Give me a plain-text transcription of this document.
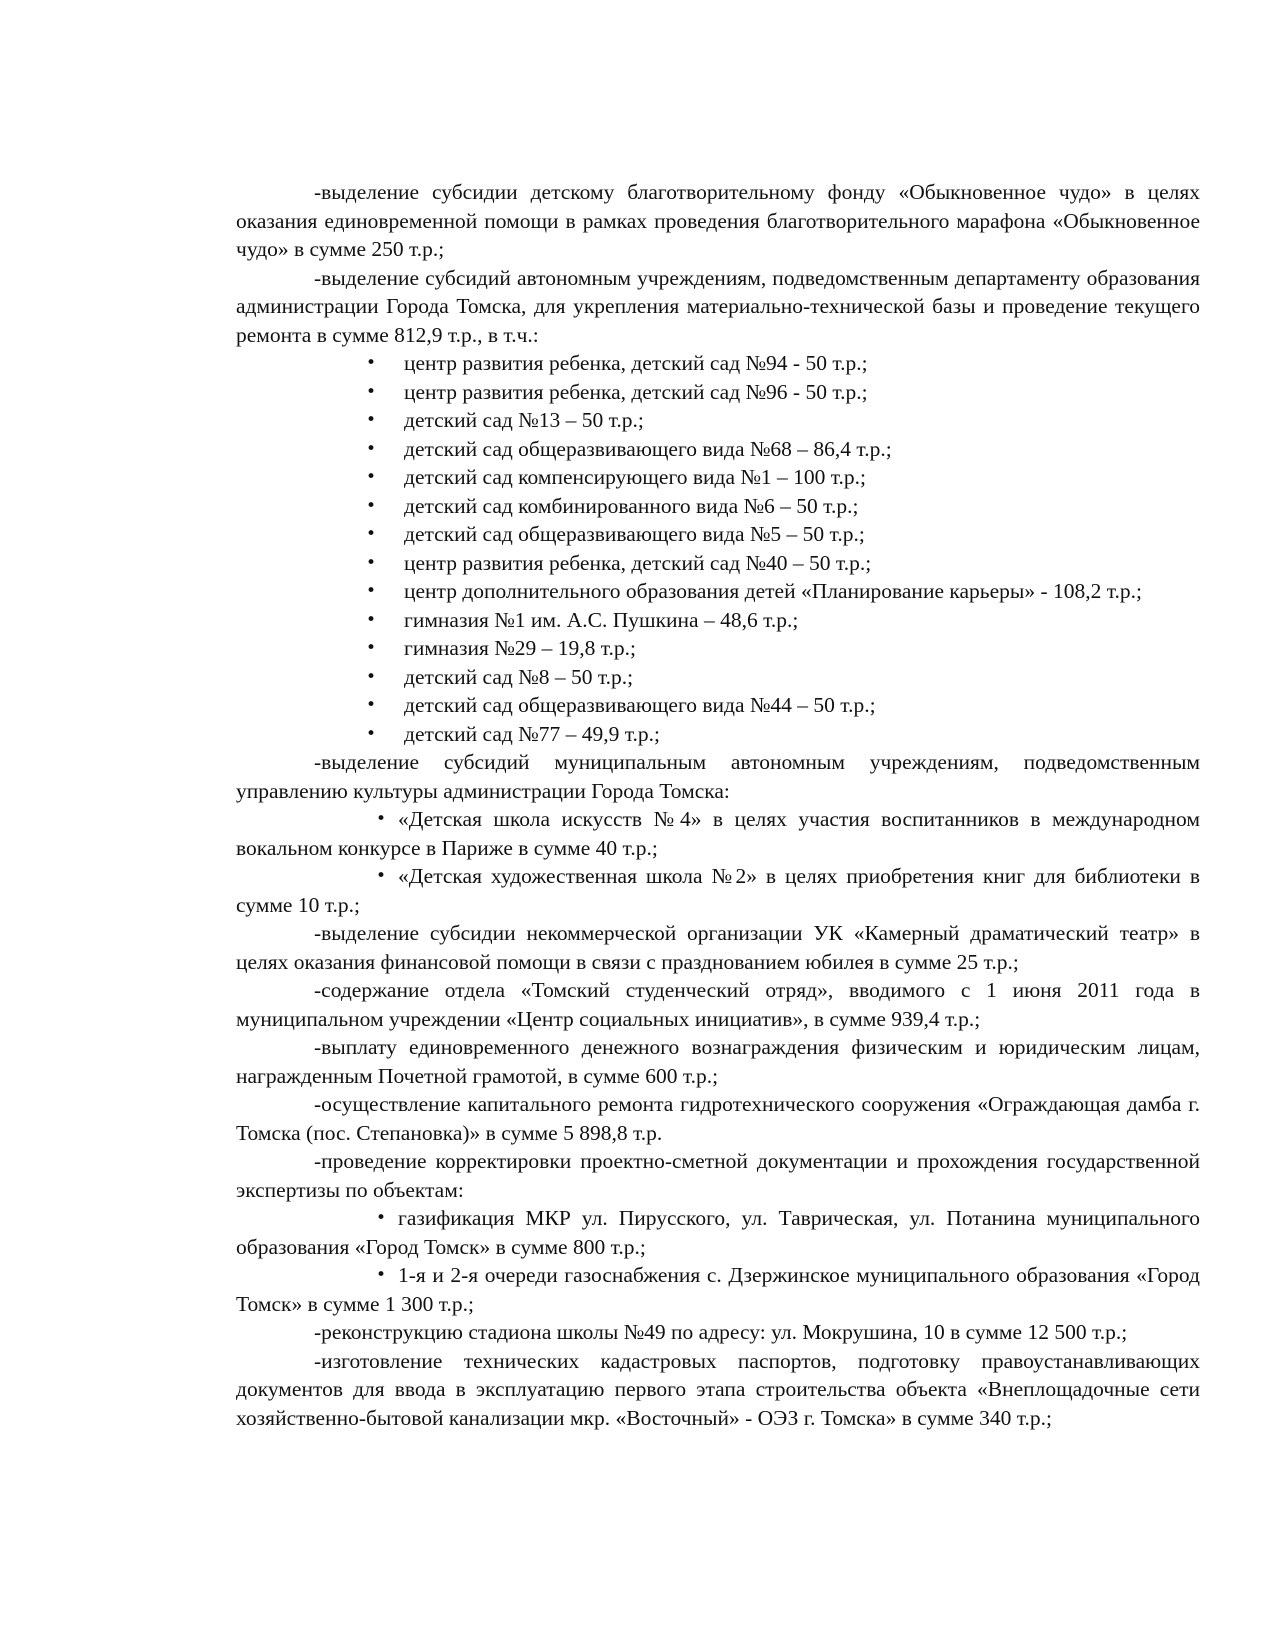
-выделение субсидии детскому благотворительному фонду «Обыкновенное чудо» в целях оказания единовременной помощи в рамках проведения благотворительного марафона «Обыкновенное чудо» в сумме 250 т.р.;

-выделение субсидий автономным учреждениям, подведомственным департаменту образования администрации Города Томска, для укрепления материально-технической базы и проведение текущего ремонта в сумме 812,9 т.р., в т.ч.:

• центр развития ребенка, детский сад №94 - 50 т.р.;

• центр развития ребенка, детский сад №96 - 50 т.р.;

• детский сад №13 – 50 т.р.;

• детский сад общеразвивающего вида №68 – 86,4 т.р.;

• детский сад компенсирующего вида №1 – 100 т.р.;

• детский сад комбинированного вида №6 – 50 т.р.;

• детский сад общеразвивающего вида №5 – 50 т.р.;

• центр развития ребенка, детский сад №40 – 50 т.р.;

• центр дополнительного образования детей «Планирование карьеры» - 108,2 т.р.;

• гимназия №1 им. А.С. Пушкина – 48,6 т.р.;

• гимназия №29 – 19,8 т.р.;

• детский сад №8 – 50 т.р.;

• детский сад общеразвивающего вида №44 – 50 т.р.;

• детский сад №77 – 49,9 т.р.;

-выделение субсидий муниципальным автономным учреждениям, подведомственным управлению культуры администрации Города Томска:

• «Детская школа искусств №4» в целях участия воспитанников в международном вокальном конкурсе в Париже в сумме 40 т.р.;

• «Детская художественная школа №2» в целях приобретения книг для библиотеки в сумме 10 т.р.;

-выделение субсидии некоммерческой организации УК «Камерный драматический театр» в целях оказания финансовой помощи в связи с празднованием юбилея в сумме 25 т.р.;

-содержание отдела «Томский студенческий отряд», вводимого с 1 июня 2011 года в муниципальном учреждении «Центр социальных инициатив», в сумме 939,4 т.р.;

-выплату единовременного денежного вознаграждения физическим и юридическим лицам, награжденным Почетной грамотой, в сумме 600 т.р.;

-осуществление капитального ремонта гидротехнического сооружения «Ограждающая дамба г. Томска (пос. Степановка)» в сумме 5 898,8 т.р.

-проведение корректировки проектно-сметной документации и прохождения государственной экспертизы по объектам:

• газификация МКР ул. Пирусского, ул. Таврическая, ул. Потанина муниципального образования «Город Томск» в сумме 800 т.р.;

• 1-я и 2-я очереди газоснабжения с. Дзержинское муниципального образования «Город Томск» в сумме 1 300 т.р.;

-реконструкцию стадиона школы №49 по адресу: ул. Мокрушина, 10 в сумме 12 500 т.р.;

-изготовление технических кадастровых паспортов, подготовку правоустанавливающих документов для ввода в эксплуатацию первого этапа строительства объекта «Внеплощадочные сети хозяйственно-бытовой канализации мкр. «Восточный» - ОЭЗ г. Томска» в сумме 340 т.р.;
